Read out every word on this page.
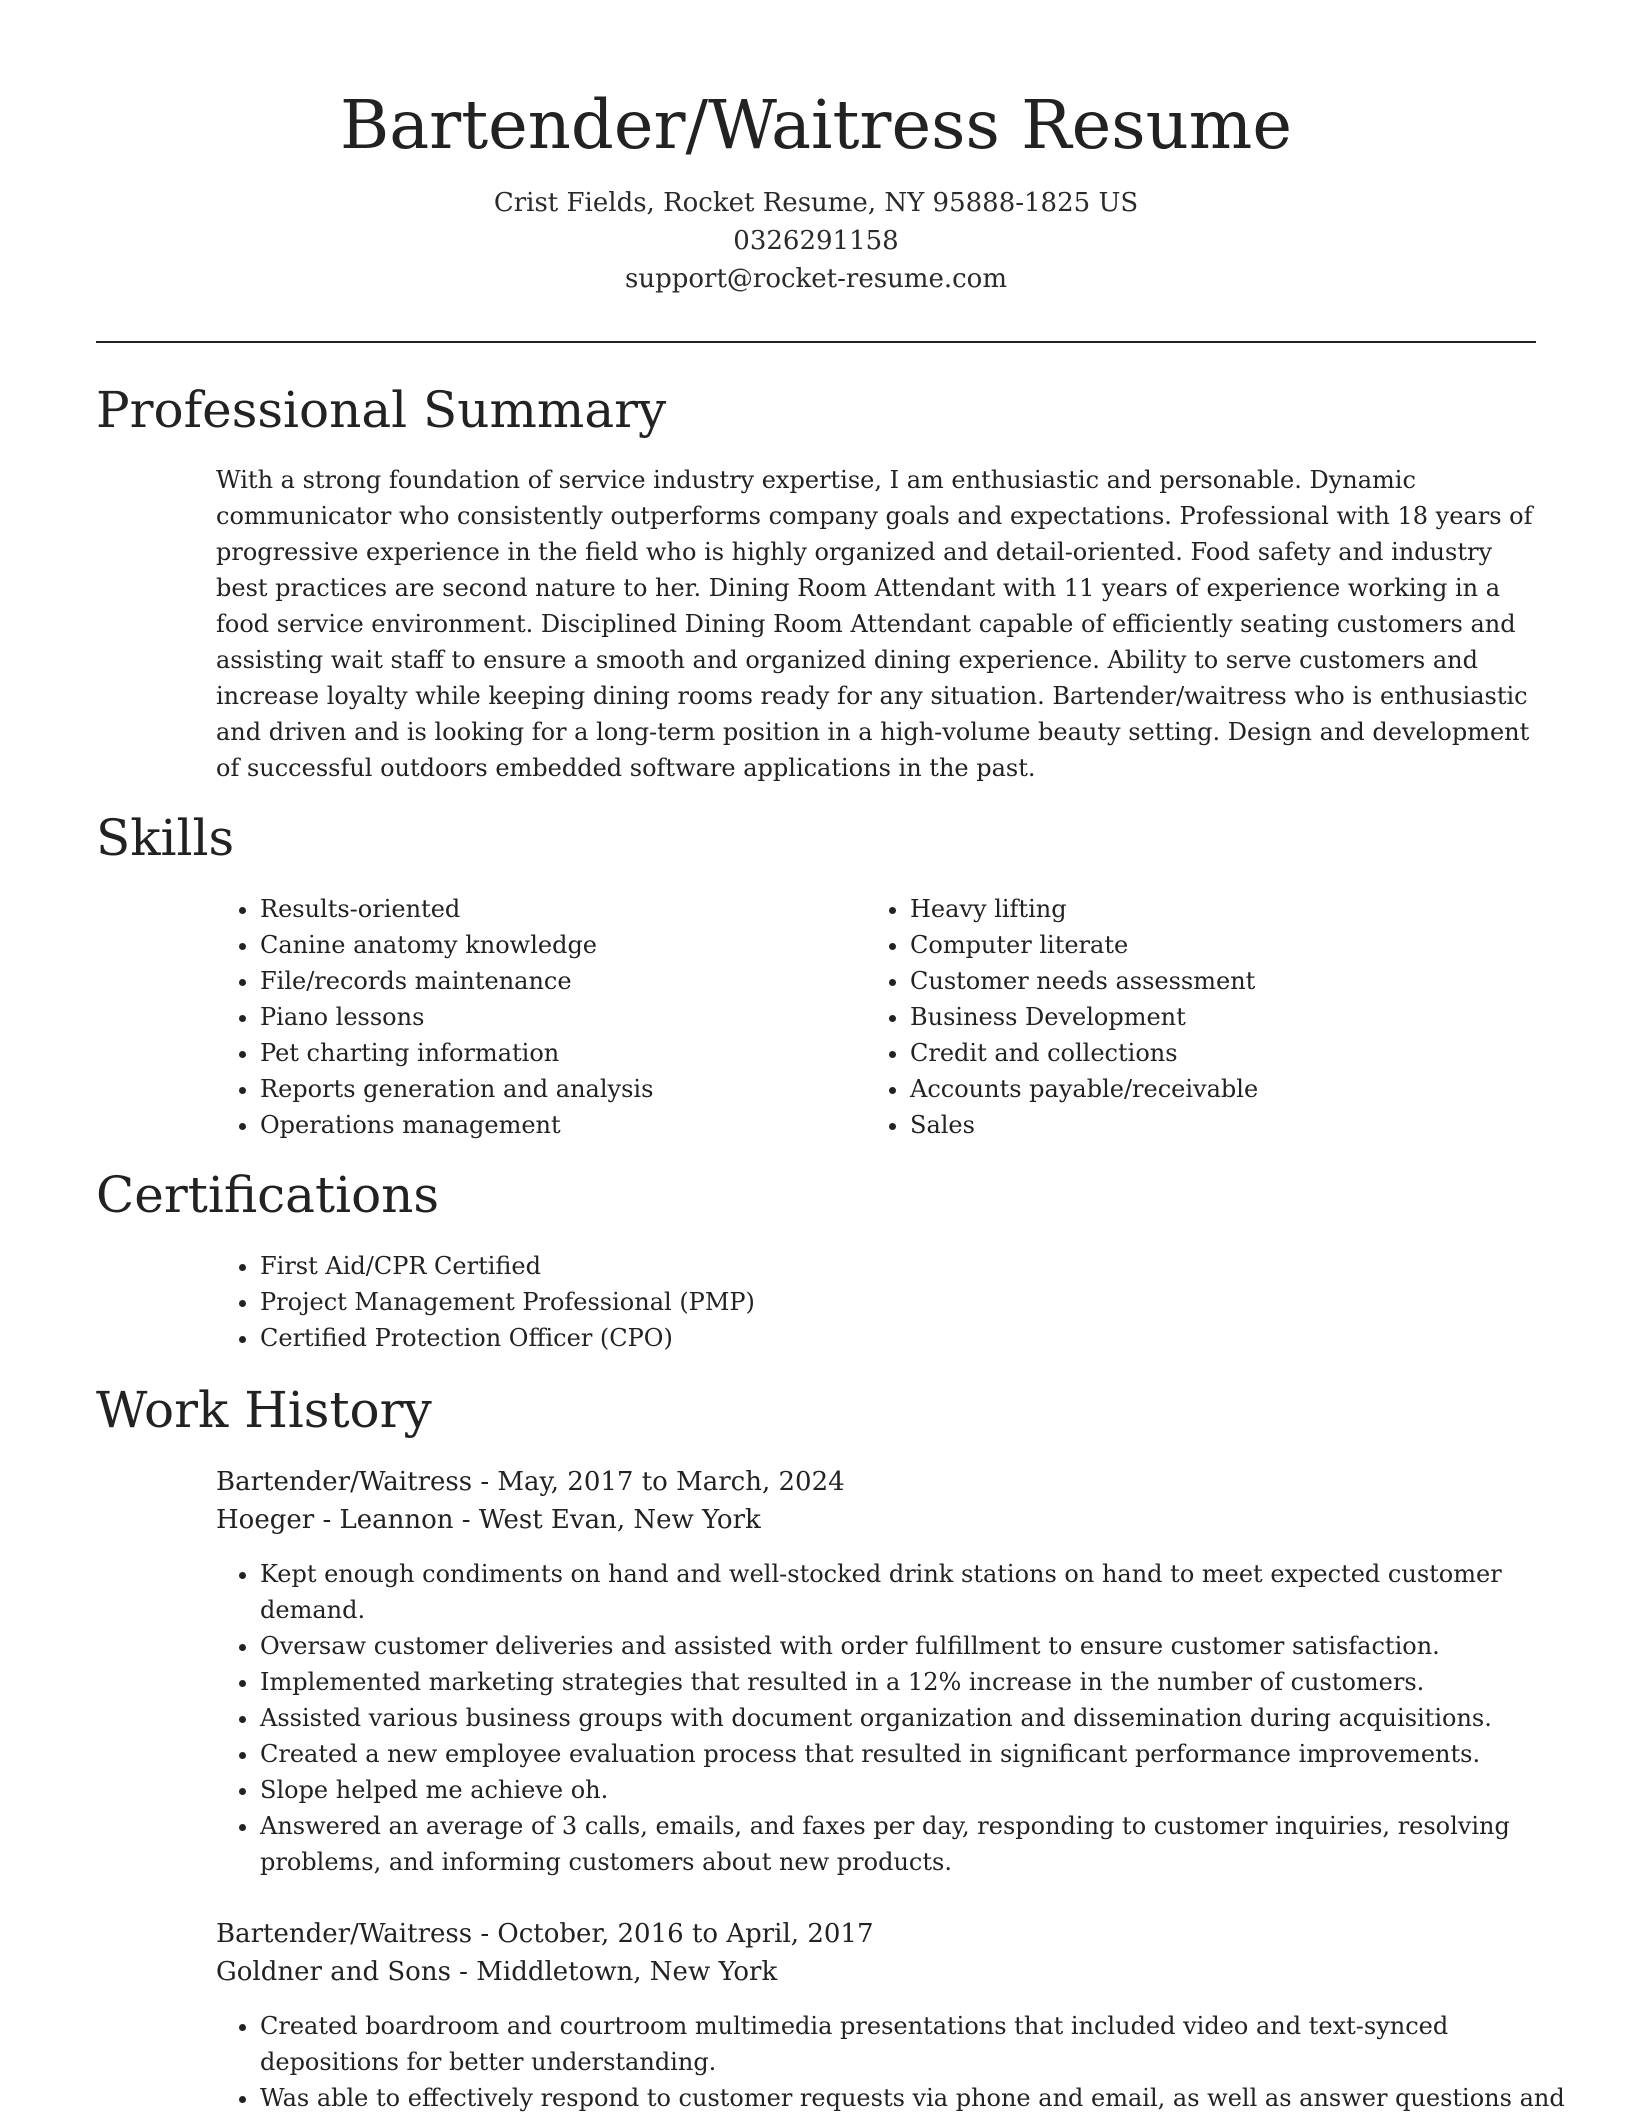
Bartender/Waitress Resume
Crist Fields, Rocket Resume, NY 95888-1825 US
0326291158
support@rocket-resume.com
Professional Summary

With a strong foundation of service industry expertise, I am enthusiastic and personable. Dynamic communicator who consistently outperforms company goals and expectations. Professional with 18 years of progressive experience in the field who is highly organized and detail-oriented. Food safety and industry best practices are second nature to her. Dining Room Attendant with 11 years of experience working in a food service environment. Disciplined Dining Room Attendant capable of efficiently seating customers and assisting wait staff to ensure a smooth and organized dining experience. Ability to serve customers and increase loyalty while keeping dining rooms ready for any situation. Bartender/waitress who is enthusiastic and driven and is looking for a long-term position in a high-volume beauty setting. Design and development of successful outdoors embedded software applications in the past.

Skills
• Results-oriented
• Canine anatomy knowledge
• File/records maintenance
• Piano lessons
• Pet charting information
• Reports generation and analysis
• Operations management
• Heavy lifting
• Computer literate
• Customer needs assessment
• Business Development
• Credit and collections
• Accounts payable/receivable
• Sales
Certifications
• First Aid/CPR Certified
• Project Management Professional (PMP)
• Certified Protection Officer (CPO)
Work History
Bartender/Waitress - May, 2017 to March, 2024
Hoeger - Leannon - West Evan, New York
• Kept enough condiments on hand and well-stocked drink stations on hand to meet expected customer demand.
• Oversaw customer deliveries and assisted with order fulfillment to ensure customer satisfaction.
• Implemented marketing strategies that resulted in a 12% increase in the number of customers.
• Assisted various business groups with document organization and dissemination during acquisitions.
• Created a new employee evaluation process that resulted in significant performance improvements.
• Slope helped me achieve oh.
• Answered an average of 3 calls, emails, and faxes per day, responding to customer inquiries, resolving problems, and informing customers about new products.
Bartender/Waitress - October, 2016 to April, 2017
Goldner and Sons - Middletown, New York
• Created boardroom and courtroom multimedia presentations that included video and text-synced depositions for better understanding.
• Was able to effectively respond to customer requests via phone and email, as well as answer questions and
